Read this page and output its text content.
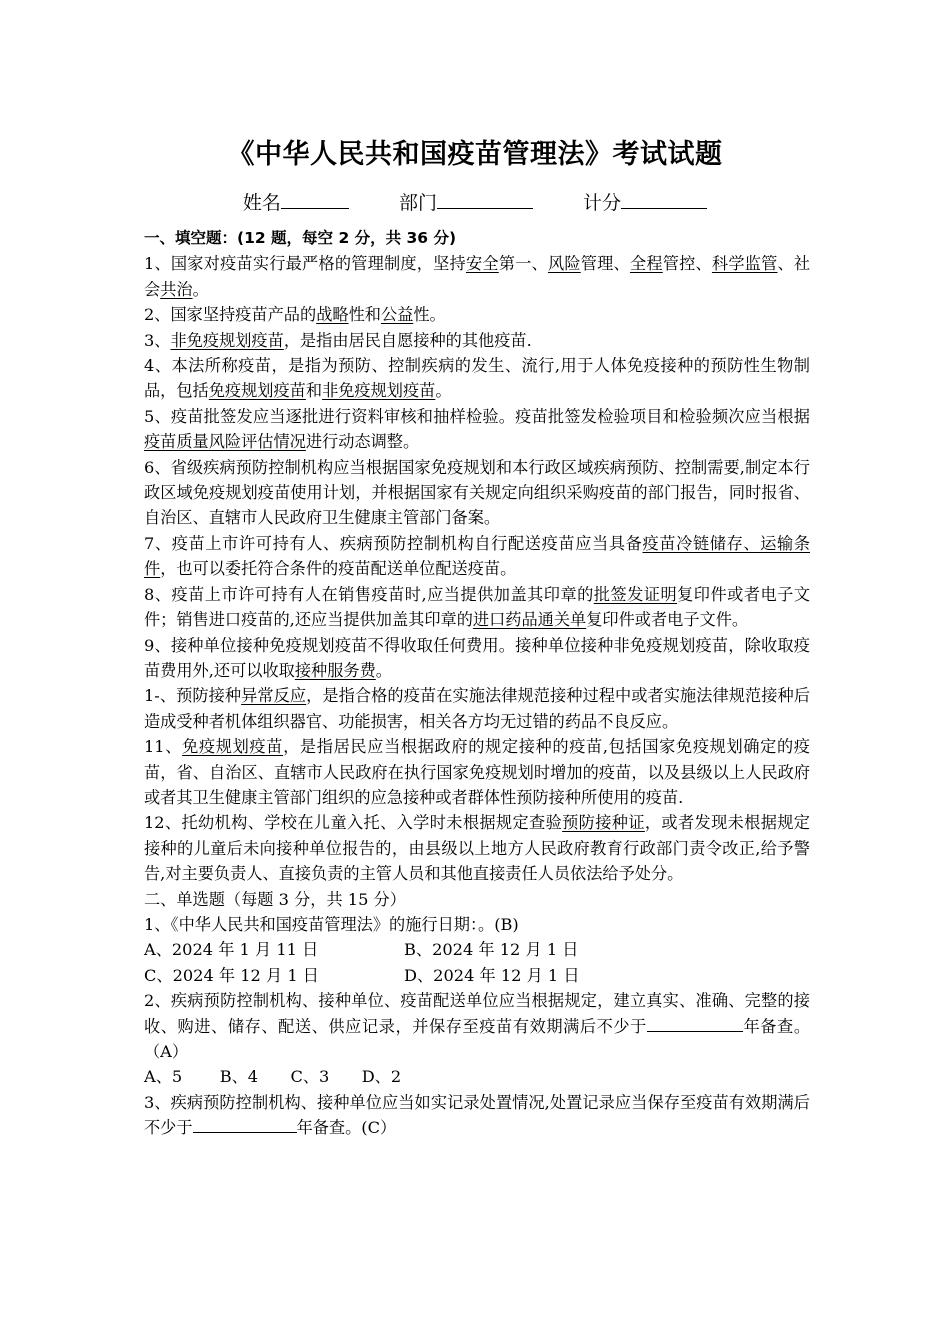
《中华人民共和国疫苗管理法》考试试题
姓名	部门	计分

一、填空题：(12 题，每空 2 分，共 36 分)

1、国家对疫苗实行最严格的管理制度，坚持安全第一、风险管理、全程管控、科学监管、社会共治。

2、国家坚持疫苗产品的战略性和公益性。

3、非免疫规划疫苗，是指由居民自愿接种的其他疫苗.

4、本法所称疫苗，是指为预防、控制疾病的发生、流行,用于人体免疫接种的预防性生物制品，包括免疫规划疫苗和非免疫规划疫苗。

5、疫苗批签发应当逐批进行资料审核和抽样检验。疫苗批签发检验项目和检验频次应当根据疫苗质量风险评估情况进行动态调整。

6、省级疾病预防控制机构应当根据国家免疫规划和本行政区域疾病预防、控制需要,制定本行政区域免疫规划疫苗使用计划，并根据国家有关规定向组织采购疫苗的部门报告，同时报省、自治区、直辖市人民政府卫生健康主管部门备案。

7、疫苗上市许可持有人、疾病预防控制机构自行配送疫苗应当具备疫苗冷链储存、运输条件，也可以委托符合条件的疫苗配送单位配送疫苗。

8、疫苗上市许可持有人在销售疫苗时,应当提供加盖其印章的批签发证明复印件或者电子文件；销售进口疫苗的,还应当提供加盖其印章的进口药品通关单复印件或者电子文件。

9、接种单位接种免疫规划疫苗不得收取任何费用。接种单位接种非免疫规划疫苗，除收取疫苗费用外,还可以收取接种服务费。

1-、预防接种异常反应，是指合格的疫苗在实施法律规范接种过程中或者实施法律规范接种后造成受种者机体组织器官、功能损害，相关各方均无过错的药品不良反应。

11、免疫规划疫苗，是指居民应当根据政府的规定接种的疫苗,包括国家免疫规划确定的疫苗，省、自治区、直辖市人民政府在执行国家免疫规划时增加的疫苗，以及县级以上人民政府或者其卫生健康主管部门组织的应急接种或者群体性预防接种所使用的疫苗.

12、托幼机构、学校在儿童入托、入学时未根据规定查验预防接种证，或者发现未根据规定接种的儿童后未向接种单位报告的，由县级以上地方人民政府教育行政部门责令改正,给予警告,对主要负责人、直接负责的主管人员和其他直接责任人员依法给予处分。

二、单选题（每题 3 分，共 15 分）

1、《中华人民共和国疫苗管理法》的施行日期：。(B)

A、2024 年 1 月 11 日	B、2024 年 12 月 1 日
C、2024 年 12 月 1 日	D、2024 年 12 月 1 日

2、疾病预防控制机构、接种单位、疫苗配送单位应当根据规定，建立真实、准确、完整的接收、购进、储存、配送、供应记录，并保存至疫苗有效期满后不少于	年备查。（A）

A、5　　 B、4　　C、3　　D、2

3、疾病预防控制机构、接种单位应当如实记录处置情况,处置记录应当保存至疫苗有效期满后不少于	年备查。(C）
